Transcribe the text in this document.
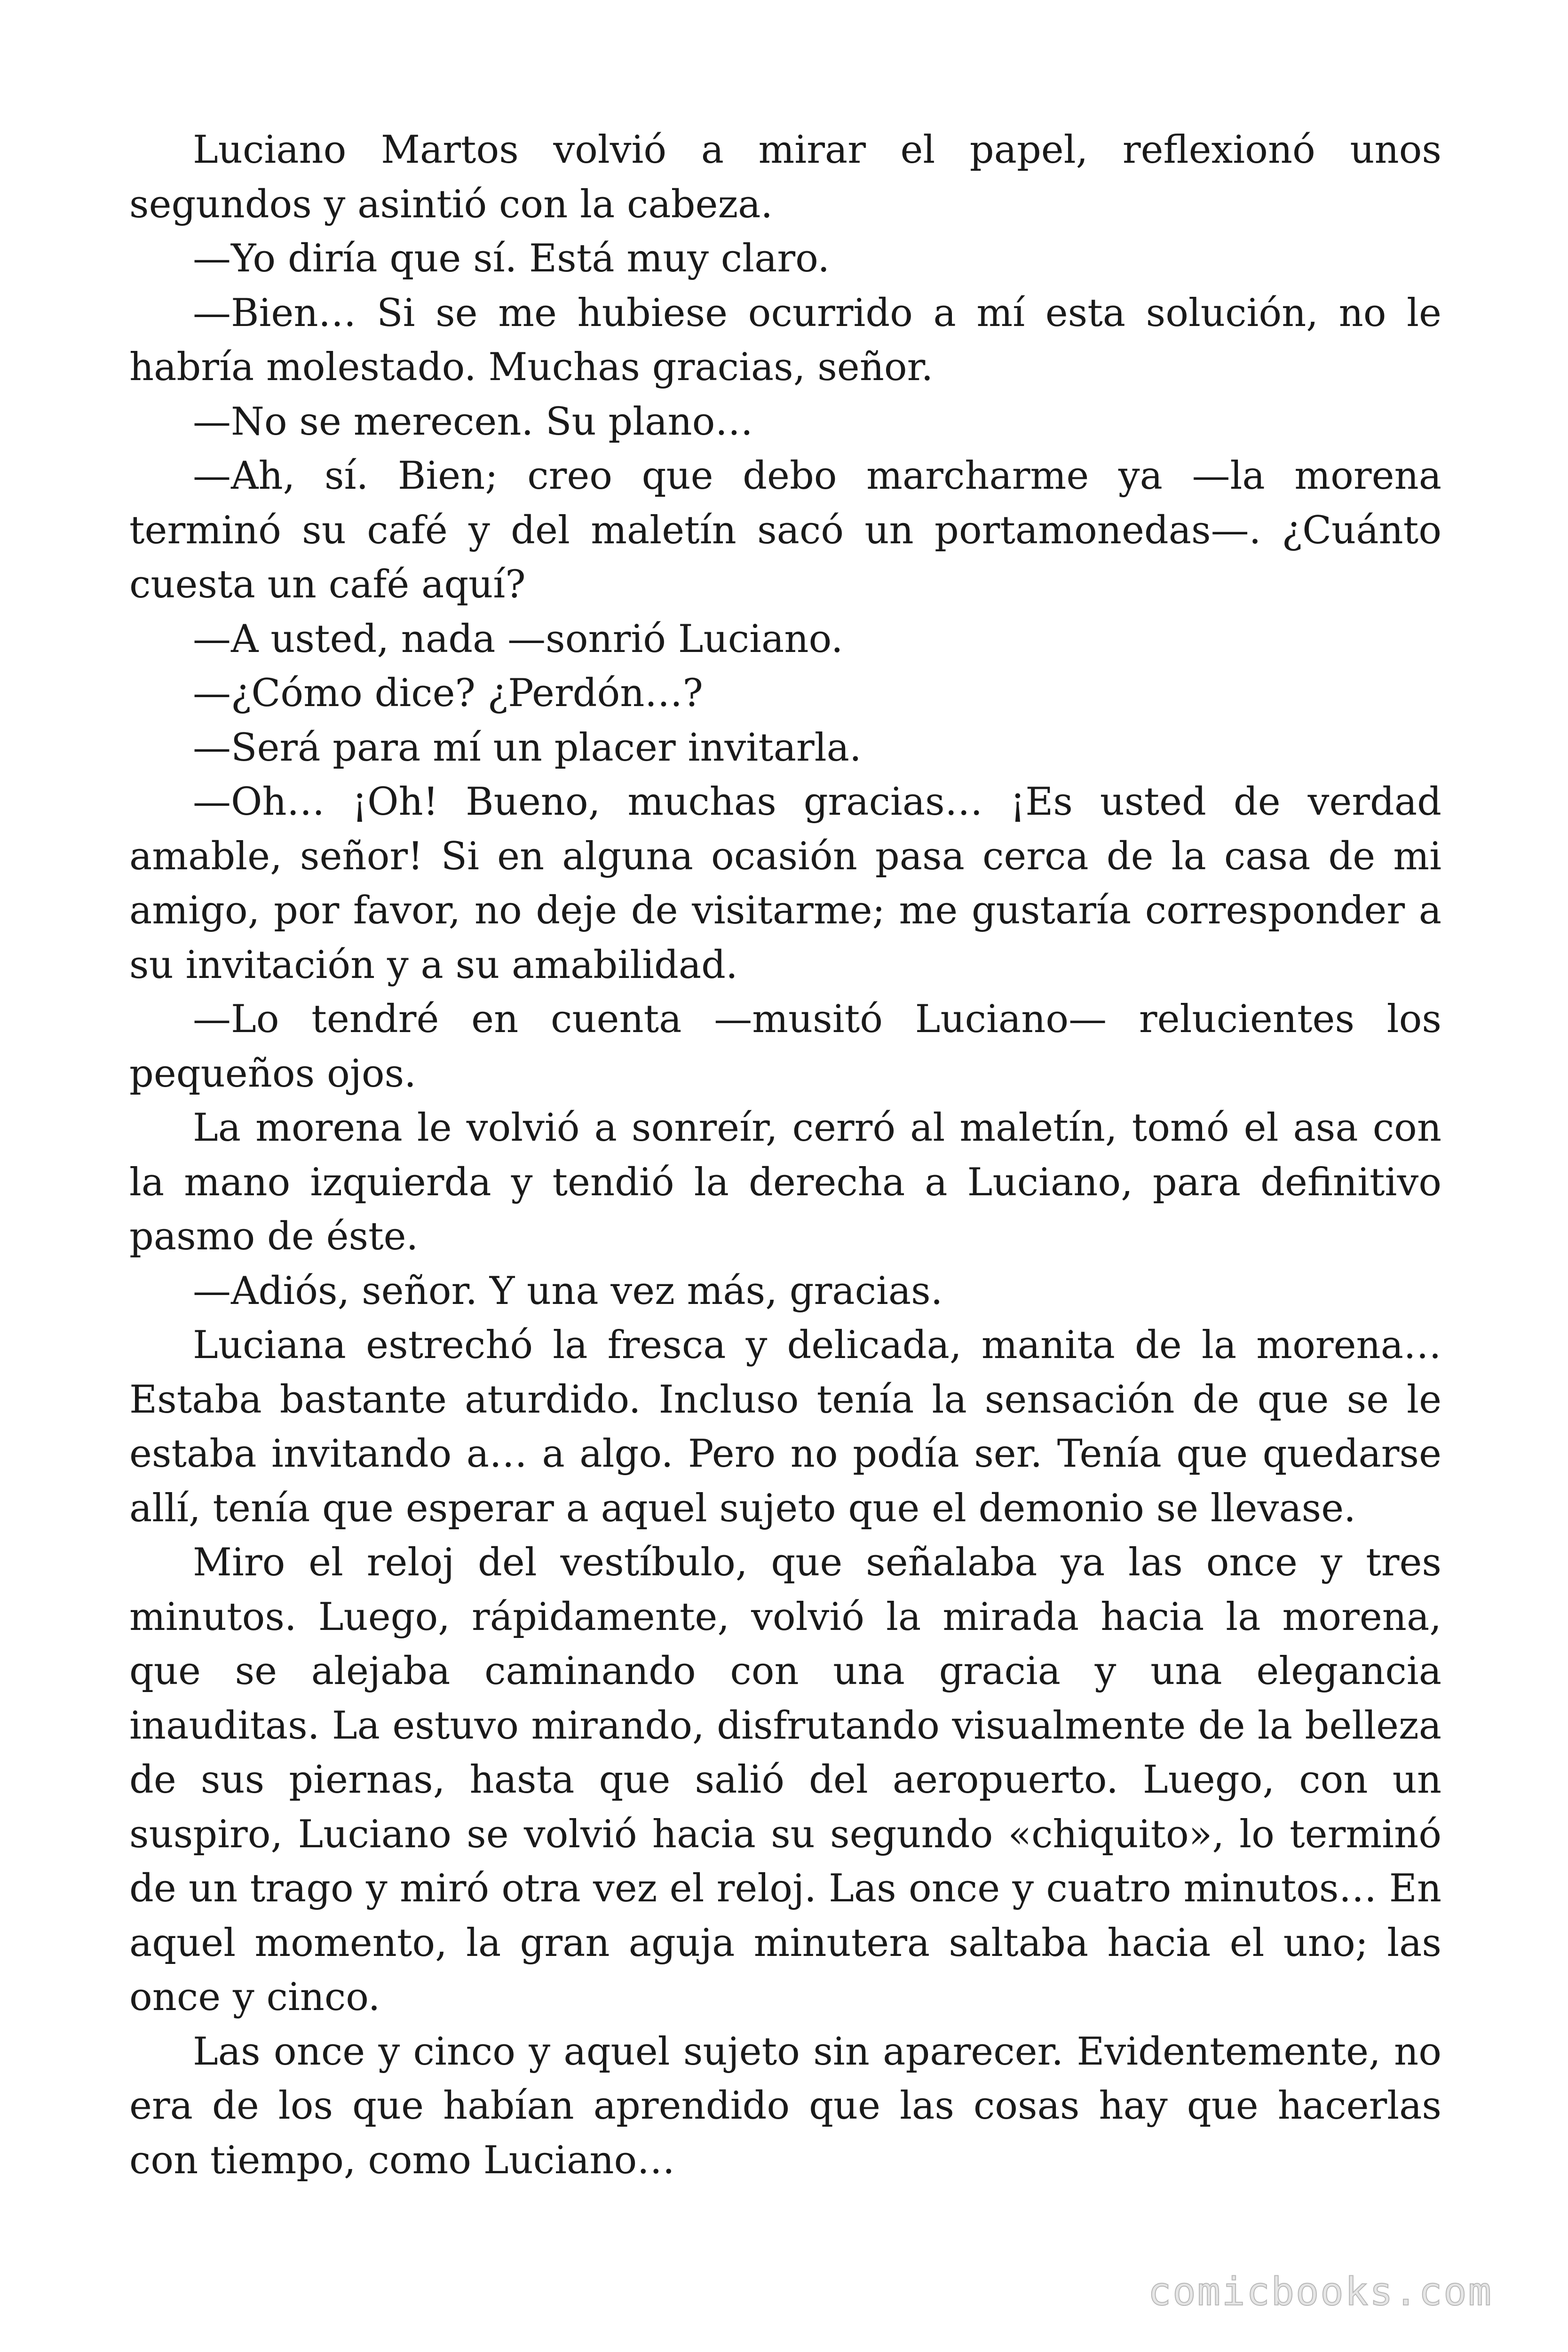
Luciano Martos volvió a mirar el papel, reflexionó unos segundos y asintió con la cabeza.

—Yo diría que sí. Está muy claro.

—Bien… Si se me hubiese ocurrido a mí esta solución, no le habría molestado. Muchas gracias, señor.

—No se merecen. Su plano…

—Ah, sí. Bien; creo que debo marcharme ya —la morena terminó su café y del maletín sacó un portamonedas—. ¿Cuánto cuesta un café aquí?

—A usted, nada —sonrió Luciano.

—¿Cómo dice? ¿Perdón…?

—Será para mí un placer invitarla.

—Oh… ¡Oh! Bueno, muchas gracias… ¡Es usted de verdad amable, señor! Si en alguna ocasión pasa cerca de la casa de mi amigo, por favor, no deje de visitarme; me gustaría corresponder a su invitación y a su amabilidad.

—Lo tendré en cuenta —musitó Luciano— relucientes los pequeños ojos.

La morena le volvió a sonreír, cerró al maletín, tomó el asa con la mano izquierda y tendió la derecha a Luciano, para definitivo pasmo de éste.

—Adiós, señor. Y una vez más, gracias.

Luciana estrechó la fresca y delicada, manita de la morena… Estaba bastante aturdido. Incluso tenía la sensación de que se le estaba invitando a… a algo. Pero no podía ser. Tenía que quedarse allí, tenía que esperar a aquel sujeto que el demonio se llevase.

Miro el reloj del vestíbulo, que señalaba ya las once y tres minutos. Luego, rápidamente, volvió la mirada hacia la morena, que se alejaba caminando con una gracia y una elegancia inauditas. La estuvo mirando, disfrutando visualmente de la belleza de sus piernas, hasta que salió del aeropuerto. Luego, con un suspiro, Luciano se volvió hacia su segundo «chiquito», lo terminó de un trago y miró otra vez el reloj. Las once y cuatro minutos… En aquel momento, la gran aguja minutera saltaba hacia el uno; las once y cinco.

Las once y cinco y aquel sujeto sin aparecer. Evidentemente, no era de los que habían aprendido que las cosas hay que hacerlas con tiempo, como Luciano…

comicbooks.com
